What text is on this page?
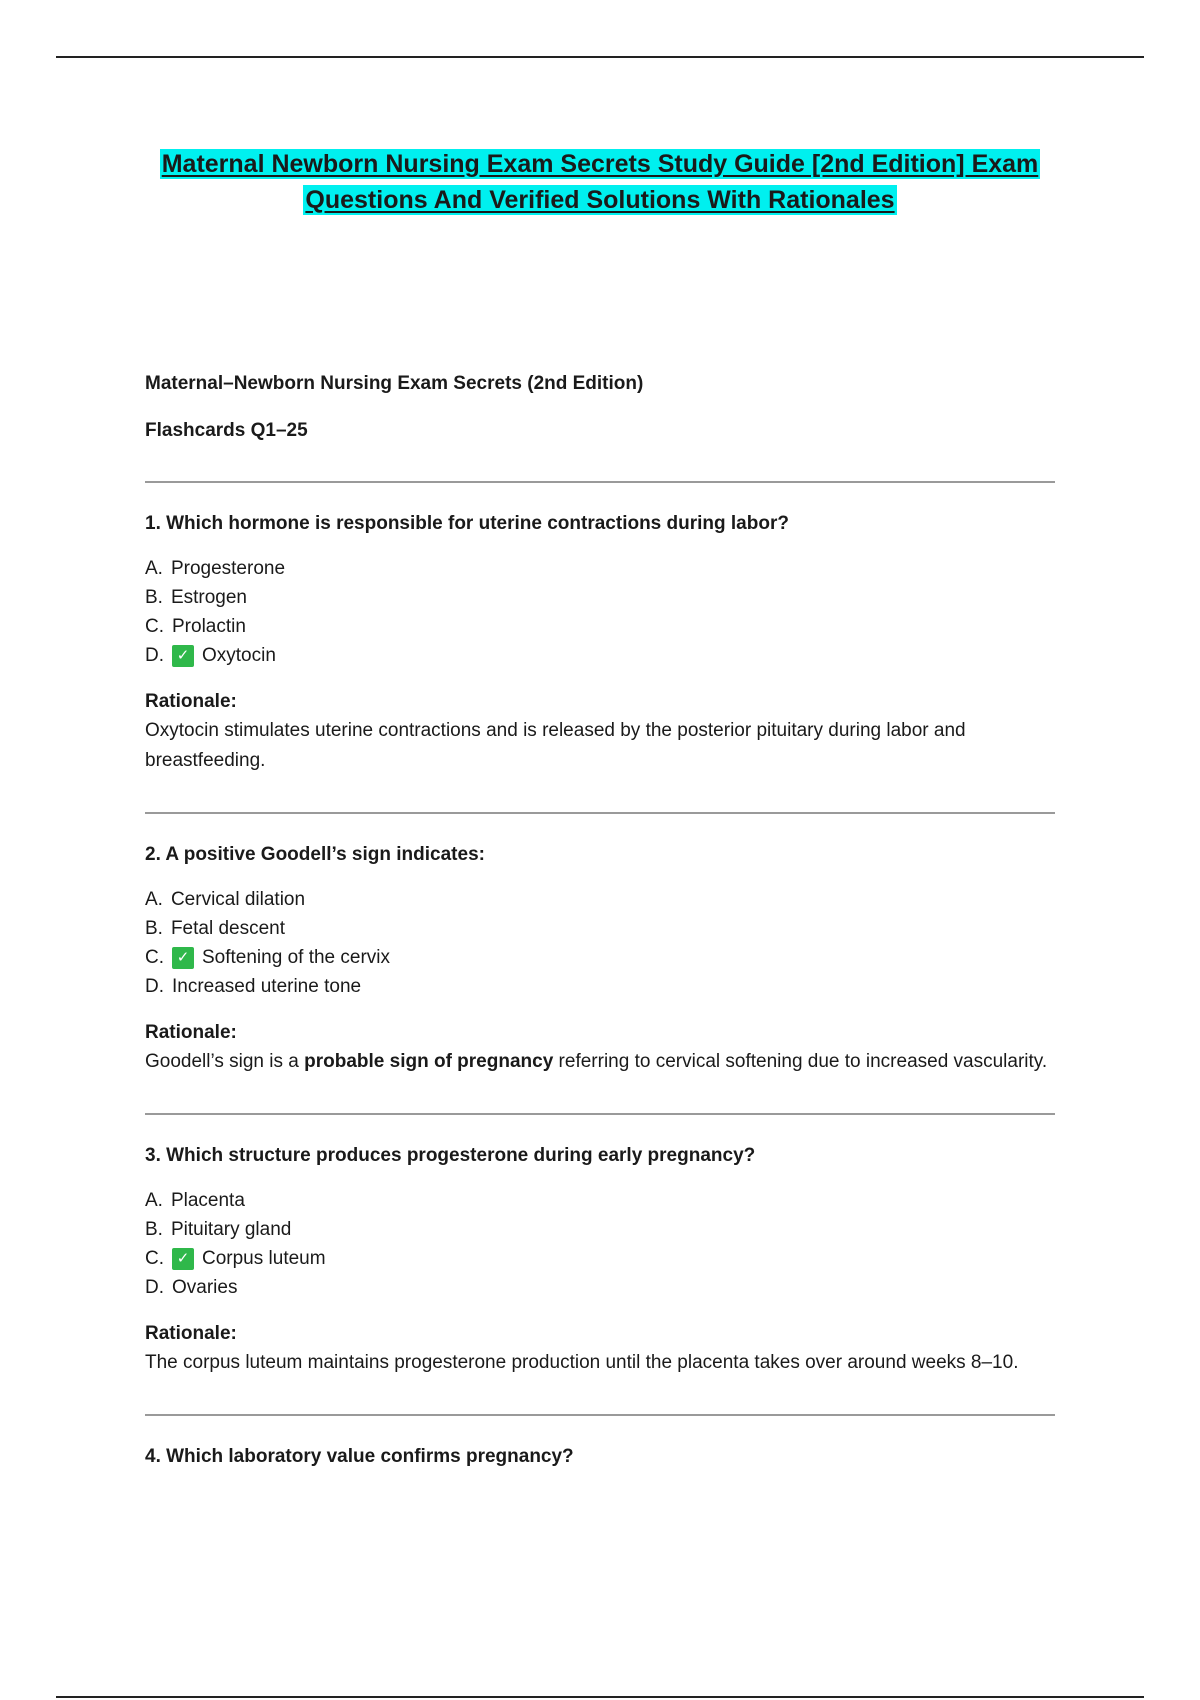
Maternal Newborn Nursing Exam Secrets Study Guide [2nd Edition] Exam Questions And Verified Solutions With Rationales

Maternal–Newborn Nursing Exam Secrets (2nd Edition)

Flashcards Q1–25

1. Which hormone is responsible for uterine contractions during labor?

A. Progesterone
B. Estrogen
C. Prolactin
D. ✓ Oxytocin

Rationale:

Oxytocin stimulates uterine contractions and is released by the posterior pituitary during labor and breastfeeding.

2. A positive Goodell’s sign indicates:

A. Cervical dilation
B. Fetal descent
C. ✓ Softening of the cervix
D. Increased uterine tone

Rationale:

Goodell’s sign is a probable sign of pregnancy referring to cervical softening due to increased vascularity.

3. Which structure produces progesterone during early pregnancy?

A. Placenta
B. Pituitary gland
C. ✓ Corpus luteum
D. Ovaries

Rationale:

The corpus luteum maintains progesterone production until the placenta takes over around weeks 8–10.

4. Which laboratory value confirms pregnancy?
